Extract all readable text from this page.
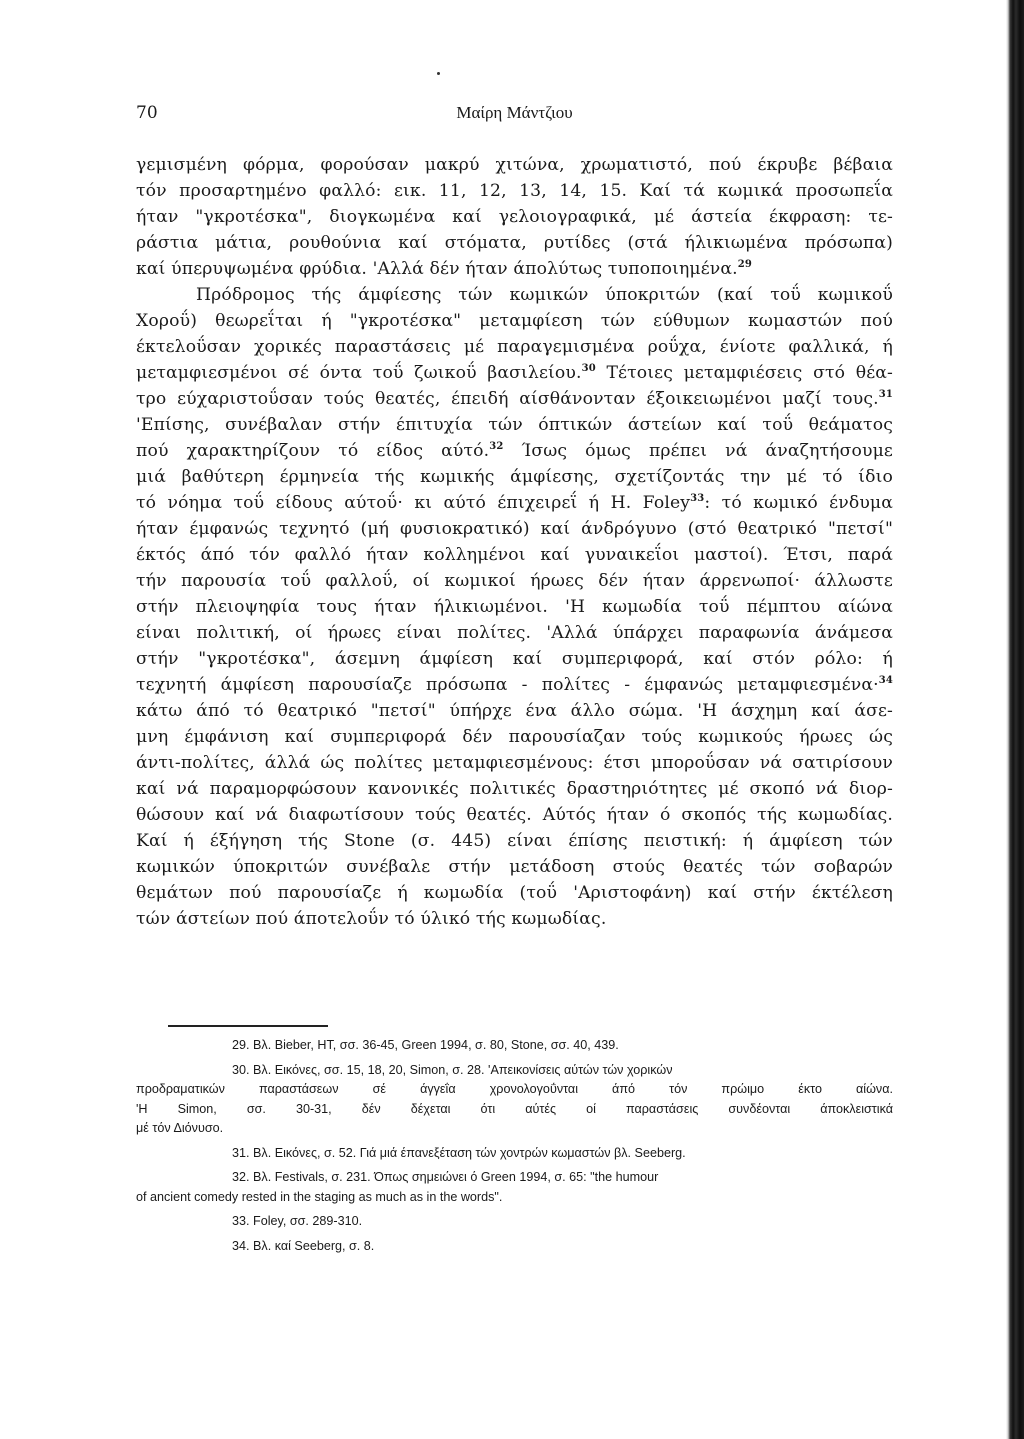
70	Μαίρη Μάντζιου
γεμισμένη φόρμα, φορούσαν μακρύ χιτώνα, χρωματιστό, πού έκρυβε βέβαια
τόν προσαρτημένο φαλλό: εικ. 11, 12, 13, 14, 15. Καί τά κωμικά προσωπεΐα
ήταν "γκροτέσκα", διογκωμένα καί γελοιογραφικά, μέ άστεία έκφραση: τε-
ράστια μάτια, ρουθούνια καί στόματα, ρυτίδες (στά ήλικιωμένα πρόσωπα)
καί ύπερυψωμένα φρύδια. 'Αλλά δέν ήταν άπολύτως τυποποιημένα.$^{29}$
Πρόδρομος τής άμφίεσης τών κωμικών ύποκριτών (καί τοΰ κωμικοΰ
Χοροΰ) θεωρεΐται ή "γκροτέσκα" μεταμφίεση τών εύθυμων κωμαστών πού
έκτελοΰσαν χορικές παραστάσεις μέ παραγεμισμένα ροΰχα, ένίοτε φαλλικά, ή
μεταμφιεσμένοι σέ όντα τοΰ ζωικοΰ βασιλείου.$^{30}$ Τέτοιες μεταμφιέσεις στό θέα-
τρο εύχαριστοΰσαν τούς θεατές, έπειδή αίσθάνονταν έξοικειωμένοι μαζί τους.$^{31}$
'Επίσης, συνέβαλαν στήν έπιτυχία τών όπτικών άστείων καί τοΰ θεάματος
πού χαρακτηρίζουν τό είδος αύτό.$^{32}$ Ίσως όμως πρέπει νά άναζητήσουμε
μιά βαθύτερη έρμηνεία τής κωμικής άμφίεσης, σχετίζοντάς την μέ τό ίδιο
τό νόημα τοΰ είδους αύτοΰ· κι αύτό έπιχειρεΐ ή Η. Foley$^{33}$: τό κωμικό ένδυμα
ήταν έμφανώς τεχνητό (μή φυσιοκρατικό) καί άνδρόγυνο (στό θεατρικό "πετσί"
έκτός άπό τόν φαλλό ήταν κολλημένοι καί γυναικεΐοι μαστοί). Έτσι, παρά
τήν παρουσία τοΰ φαλλοΰ, οί κωμικοί ήρωες δέν ήταν άρρενωποί· άλλωστε
στήν πλειοψηφία τους ήταν ήλικιωμένοι. 'Η κωμωδία τοΰ πέμπτου αίώνα
είναι πολιτική, οί ήρωες είναι πολίτες. 'Αλλά ύπάρχει παραφωνία άνάμεσα
στήν "γκροτέσκα", άσεμνη άμφίεση καί συμπεριφορά, καί στόν ρόλο: ή
τεχνητή άμφίεση παρουσίαζε πρόσωπα - πολίτες - έμφανώς μεταμφιεσμένα·$^{34}$
κάτω άπό τό θεατρικό "πετσί" ύπήρχε ένα άλλο σώμα. 'Η άσχημη καί άσε-
μνη έμφάνιση καί συμπεριφορά δέν παρουσίαζαν τούς κωμικούς ήρωες ώς
άντι-πολίτες, άλλά ώς πολίτες μεταμφιεσμένους: έτσι μποροΰσαν νά σατιρίσουν
καί νά παραμορφώσουν κανονικές πολιτικές δραστηριότητες μέ σκοπό νά διορ-
θώσουν καί νά διαφωτίσουν τούς θεατές. Αύτός ήταν ό σκοπός τής κωμωδίας.
Καί ή έξήγηση τής Stone (σ. 445) είναι έπίσης πειστική: ή άμφίεση τών
κωμικών ύποκριτών συνέβαλε στήν μετάδοση στούς θεατές τών σοβαρών
θεμάτων πού παρουσίαζε ή κωμωδία (τοΰ 'Αριστοφάνη) καί στήν έκτέλεση
τών άστείων πού άποτελοΰν τό ύλικό τής κωμωδίας.
29. Βλ. Bieber, HT, σσ. 36-45, Green 1994, σ. 80, Stone, σσ. 40, 439.
30. Βλ. Εικόνες, σσ. 15, 18, 20, Simon, σ. 28. 'Απεικονίσεις αύτών τών χορικών
προδραματικών παραστάσεων σέ άγγεΐα χρονολογοΰνται άπό τόν πρώιμο έκτο αίώνα.
'Η Simon, σσ. 30-31, δέν δέχεται ότι αύτές οί παραστάσεις συνδέονται άποκλειστικά
μέ τόν Διόνυσο.
31. Βλ. Εικόνες, σ. 52. Γιά μιά έπανεξέταση τών χοντρών κωμαστών βλ. Seeberg.
32. Βλ. Festivals, σ. 231. Όπως σημειώνει ό Green 1994, σ. 65: "the humour
of ancient comedy rested in the staging as much as in the words".
33. Foley, σσ. 289-310.
34. Βλ. καί Seeberg, σ. 8.
